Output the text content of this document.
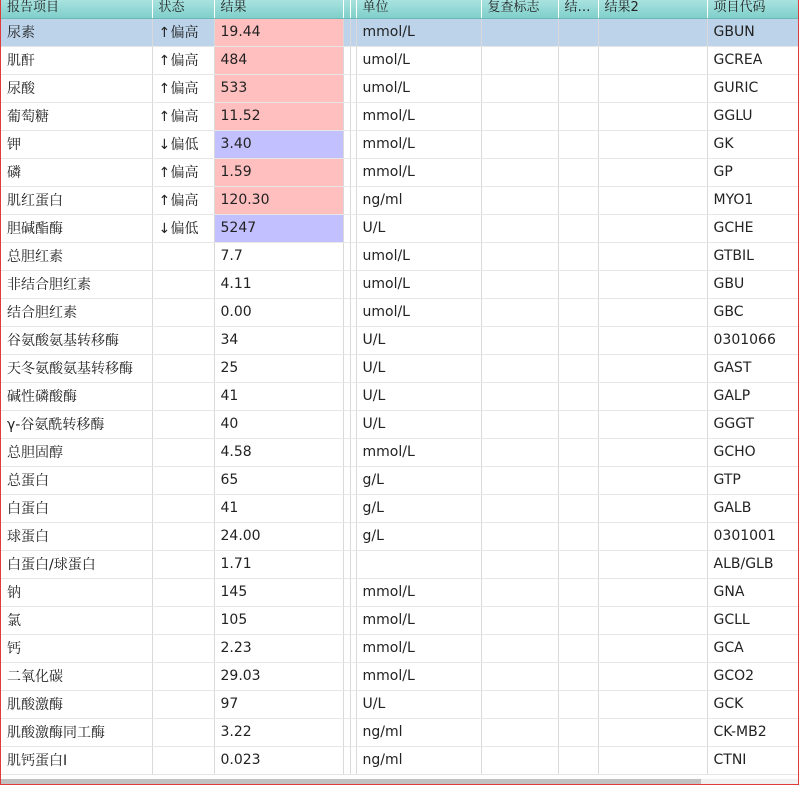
报告项目	状态	结果			单位	复查标志	结…	结果2	项目代码
尿素	↑偏高	19.44			mmol/L				GBUN
肌酐	↑偏高	484			umol/L				GCREA
尿酸	↑偏高	533			umol/L				GURIC
葡萄糖	↑偏高	11.52			mmol/L				GGLU
钾	↓偏低	3.40			mmol/L				GK
磷	↑偏高	1.59			mmol/L				GP
肌红蛋白	↑偏高	120.30			ng/ml				MYO1
胆碱酯酶	↓偏低	5247			U/L				GCHE
总胆红素		7.7			umol/L				GTBIL
非结合胆红素		4.11			umol/L				GBU
结合胆红素		0.00			umol/L				GBC
谷氨酸氨基转移酶		34			U/L				0301066
天冬氨酸氨基转移酶		25			U/L				GAST
碱性磷酸酶		41			U/L				GALP
γ-谷氨酰转移酶		40			U/L				GGGT
总胆固醇		4.58			mmol/L				GCHO
总蛋白		65			g/L				GTP
白蛋白		41			g/L				GALB
球蛋白		24.00			g/L				0301001
白蛋白/球蛋白		1.71							ALB/GLB
钠		145			mmol/L				GNA
氯		105			mmol/L				GCLL
钙		2.23			mmol/L				GCA
二氧化碳		29.03			mmol/L				GCO2
肌酸激酶		97			U/L				GCK
肌酸激酶同工酶		3.22			ng/ml				CK-MB2
肌钙蛋白I		0.023			ng/ml				CTNI
